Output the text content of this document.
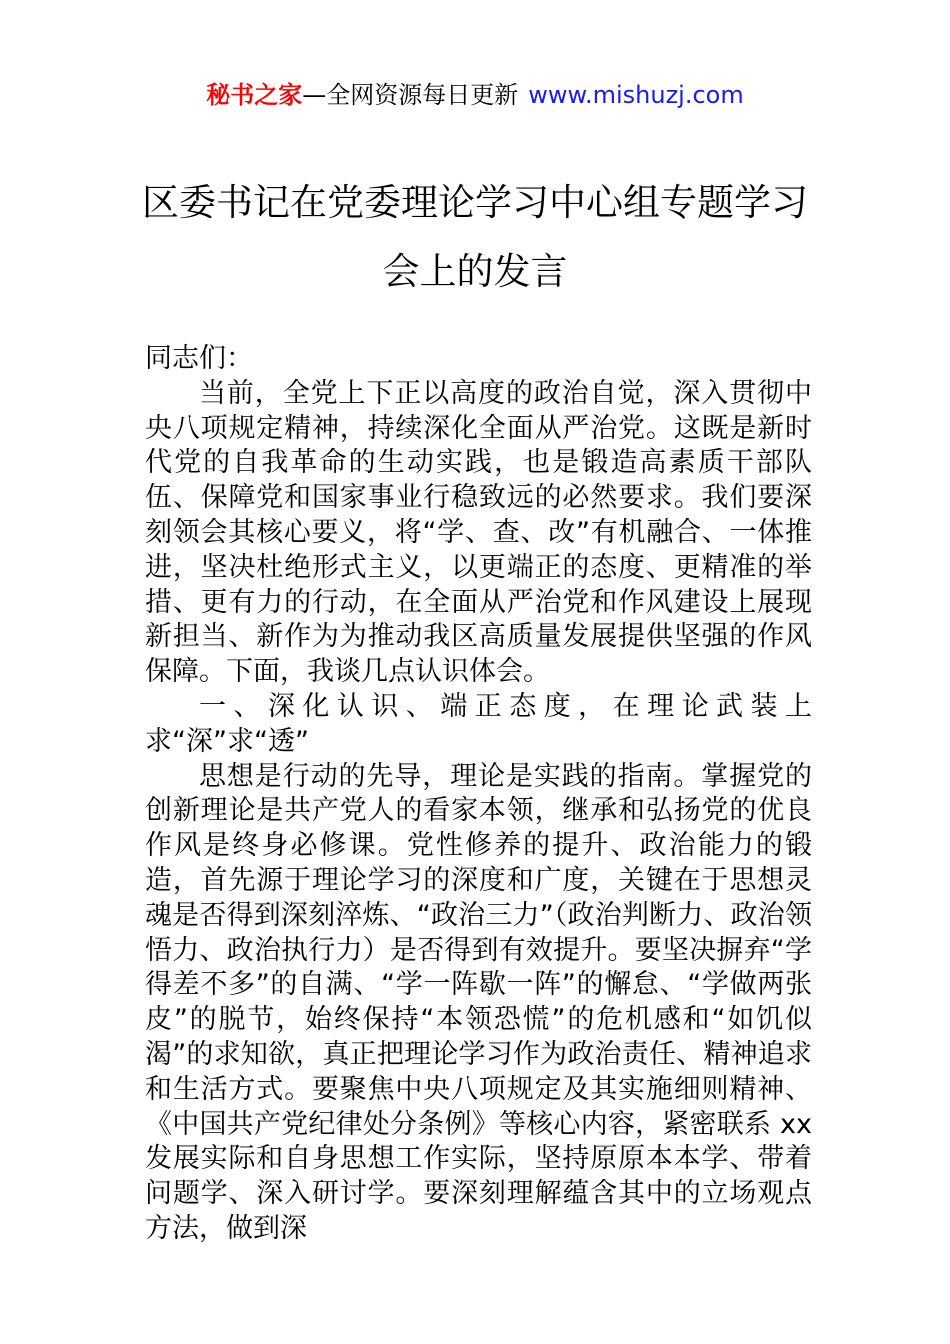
秘书之家—全网资源每日更新 www.mishuzj.com
区委书记在党委理论学习中心组专题学习
会上的发言

同志们：

当前，全党上下正以高度的政治自觉，深入贯彻中央八项规定精神，持续深化全面从严治党。这既是新时代党的自我革命的生动实践，也是锻造高素质干部队伍、保障党和国家事业行稳致远的必然要求。我们要深刻领会其核心要义，将“学、查、改”有机融合、一体推进，坚决杜绝形式主义，以更端正的态度、更精准的举措、更有力的行动，在全面从严治党和作风建设上展现新担当、新作为为推动我区高质量发展提供坚强的作风保障。下面，我谈几点认识体会。

一、深化认识、端正态度，在理论武装上求“深”求“透”

思想是行动的先导，理论是实践的指南。掌握党的创新理论是共产党人的看家本领，继承和弘扬党的优良作风是终身必修课。党性修养的提升、政治能力的锻造，首先源于理论学习的深度和广度，关键在于思想灵魂是否得到深刻淬炼、“政治三力”（政治判断力、政治领悟力、政治执行力）是否得到有效提升。要坚决摒弃“学得差不多”的自满、“学一阵歇一阵”的懈怠、“学做两张皮”的脱节，始终保持“本领恐慌”的危机感和“如饥似渴”的求知欲，真正把理论学习作为政治责任、精神追求和生活方式。要聚焦中央八项规定及其实施细则精神、《中国共产党纪律处分条例》等核心内容，紧密联系 xx 发展实际和自身思想工作实际，坚持原原本本学、带着问题学、深入研讨学。要深刻理解蕴含其中的立场观点方法，做到深
